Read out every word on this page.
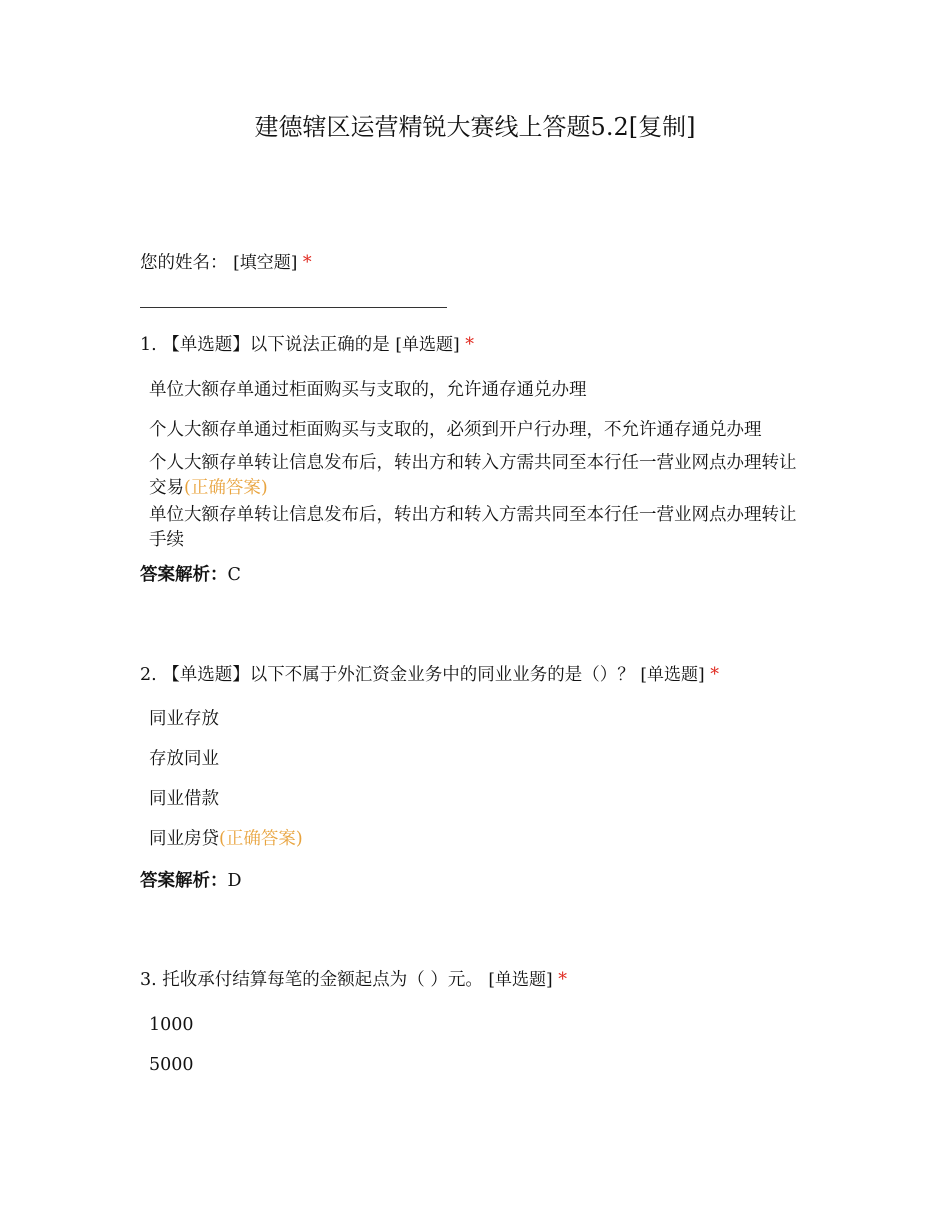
建德辖区运营精锐大赛线上答题5.2[复制]
您的姓名： [填空题] *
1. 【单选题】以下说法正确的是 [单选题] *
单位大额存单通过柜面购买与支取的，允许通存通兑办理
个人大额存单通过柜面购买与支取的，必须到开户行办理，不允许通存通兑办理
个人大额存单转让信息发布后，转出方和转入方需共同至本行任一营业网点办理转让交易(正确答案)
单位大额存单转让信息发布后，转出方和转入方需共同至本行任一营业网点办理转让手续
答案解析：C
2. 【单选题】以下不属于外汇资金业务中的同业业务的是（）？ [单选题] *
同业存放
存放同业
同业借款
同业房贷(正确答案)
答案解析：D
3. 托收承付结算每笔的金额起点为（ ）元。 [单选题] *
1000
5000
